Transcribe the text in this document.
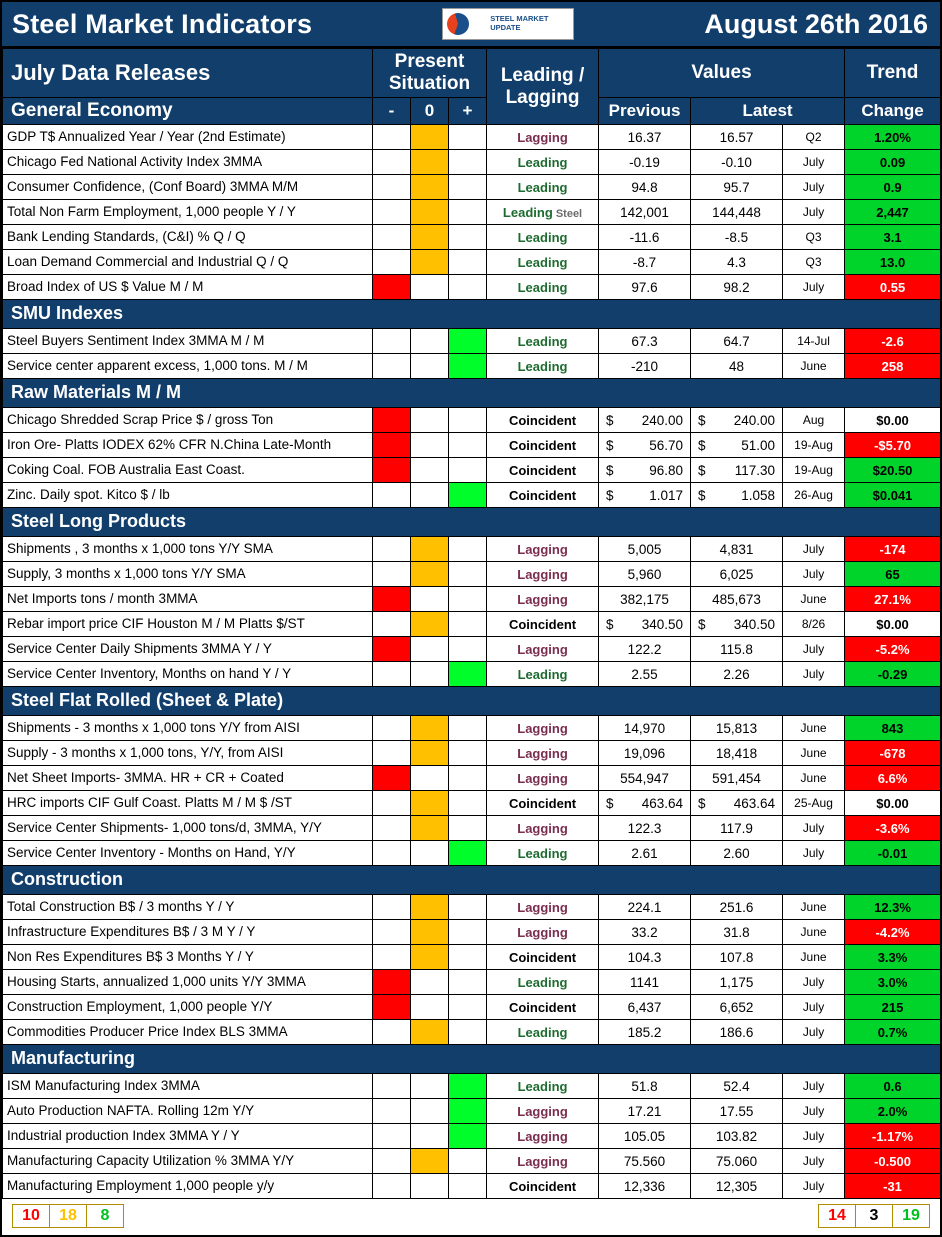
Steel Market Indicators	STEEL MARKET
UPDATE	August 26th 2016
July Data Releases	Present Situation			Leading / Lagging	Values			Trend
General Economy	-	0	+		Previous	Latest		Change
GDP T$ Annualized Year / Year (2nd Estimate)				Lagging	16.37	16.57	Q2	1.20%
Chicago Fed National Activity Index 3MMA				Leading	-0.19	-0.10	July	0.09
Consumer Confidence, (Conf Board) 3MMA M/M				Leading	94.8	95.7	July	0.9
Total Non Farm Employment, 1,000 people Y / Y				Leading Steel	142,001	144,448	July	2,447
Bank Lending Standards, (C&I) % Q / Q				Leading	-11.6	-8.5	Q3	3.1
Loan Demand Commercial and Industrial Q / Q				Leading	-8.7	4.3	Q3	13.0
Broad Index of US $ Value M / M				Leading	97.6	98.2	July	0.55
SMU Indexes								
Steel Buyers Sentiment Index 3MMA M / M				Leading	67.3	64.7	14-Jul	-2.6
Service center apparent excess, 1,000 tons. M / M				Leading	-210	48	June	258
Raw Materials M / M								
Chicago Shredded Scrap Price $ / gross Ton				Coincident	$ 240.00	$ 240.00	Aug	$0.00
Iron Ore- Platts IODEX 62% CFR N.China Late-Month				Coincident	$ 56.70	$ 51.00	19-Aug	-$5.70
Coking Coal. FOB Australia East Coast.				Coincident	$ 96.80	$ 117.30	19-Aug	$20.50
Zinc. Daily spot. Kitco $ / lb				Coincident	$ 1.017	$ 1.058	26-Aug	$0.041
Steel Long Products								
Shipments , 3 months x 1,000 tons Y/Y SMA				Lagging	5,005	4,831	July	-174
Supply, 3 months x 1,000 tons Y/Y SMA				Lagging	5,960	6,025	July	65
Net Imports tons / month 3MMA				Lagging	382,175	485,673	June	27.1%
Rebar import price CIF Houston M / M Platts $/ST				Coincident	$ 340.50	$ 340.50	8/26	$0.00
Service Center Daily Shipments 3MMA Y / Y				Lagging	122.2	115.8	July	-5.2%
Service Center Inventory, Months on hand Y / Y				Leading	2.55	2.26	July	-0.29
Steel Flat Rolled (Sheet & Plate)								
Shipments - 3 months x 1,000 tons Y/Y from AISI				Lagging	14,970	15,813	June	843
Supply - 3 months x 1,000 tons, Y/Y, from AISI				Lagging	19,096	18,418	June	-678
Net Sheet Imports- 3MMA. HR + CR + Coated				Lagging	554,947	591,454	June	6.6%
HRC imports CIF Gulf Coast. Platts M / M $ /ST				Coincident	$ 463.64	$ 463.64	25-Aug	$0.00
Service Center Shipments- 1,000 tons/d, 3MMA, Y/Y				Lagging	122.3	117.9	July	-3.6%
Service Center Inventory - Months on Hand, Y/Y				Leading	2.61	2.60	July	-0.01
Construction								
Total Construction B$ / 3 months Y / Y				Lagging	224.1	251.6	June	12.3%
Infrastructure Expenditures B$ / 3 M Y / Y				Lagging	33.2	31.8	June	-4.2%
Non Res Expenditures B$ 3 Months Y / Y				Coincident	104.3	107.8	June	3.3%
Housing Starts, annualized 1,000 units Y/Y 3MMA				Leading	1141	1,175	July	3.0%
Construction Employment, 1,000 people Y/Y				Coincident	6,437	6,652	July	215
Commodities Producer Price Index BLS 3MMA				Leading	185.2	186.6	July	0.7%
Manufacturing								
ISM Manufacturing Index 3MMA				Leading	51.8	52.4	July	0.6
Auto Production NAFTA. Rolling 12m Y/Y				Lagging	17.21	17.55	July	2.0%
Industrial production Index 3MMA Y / Y				Lagging	105.05	103.82	July	-1.17%
Manufacturing Capacity Utilization % 3MMA Y/Y				Lagging	75.560	75.060	July	-0.500
Manufacturing Employment 1,000 people y/y				Coincident	12,336	12,305	July	-31
10	18	8	14	3	19
